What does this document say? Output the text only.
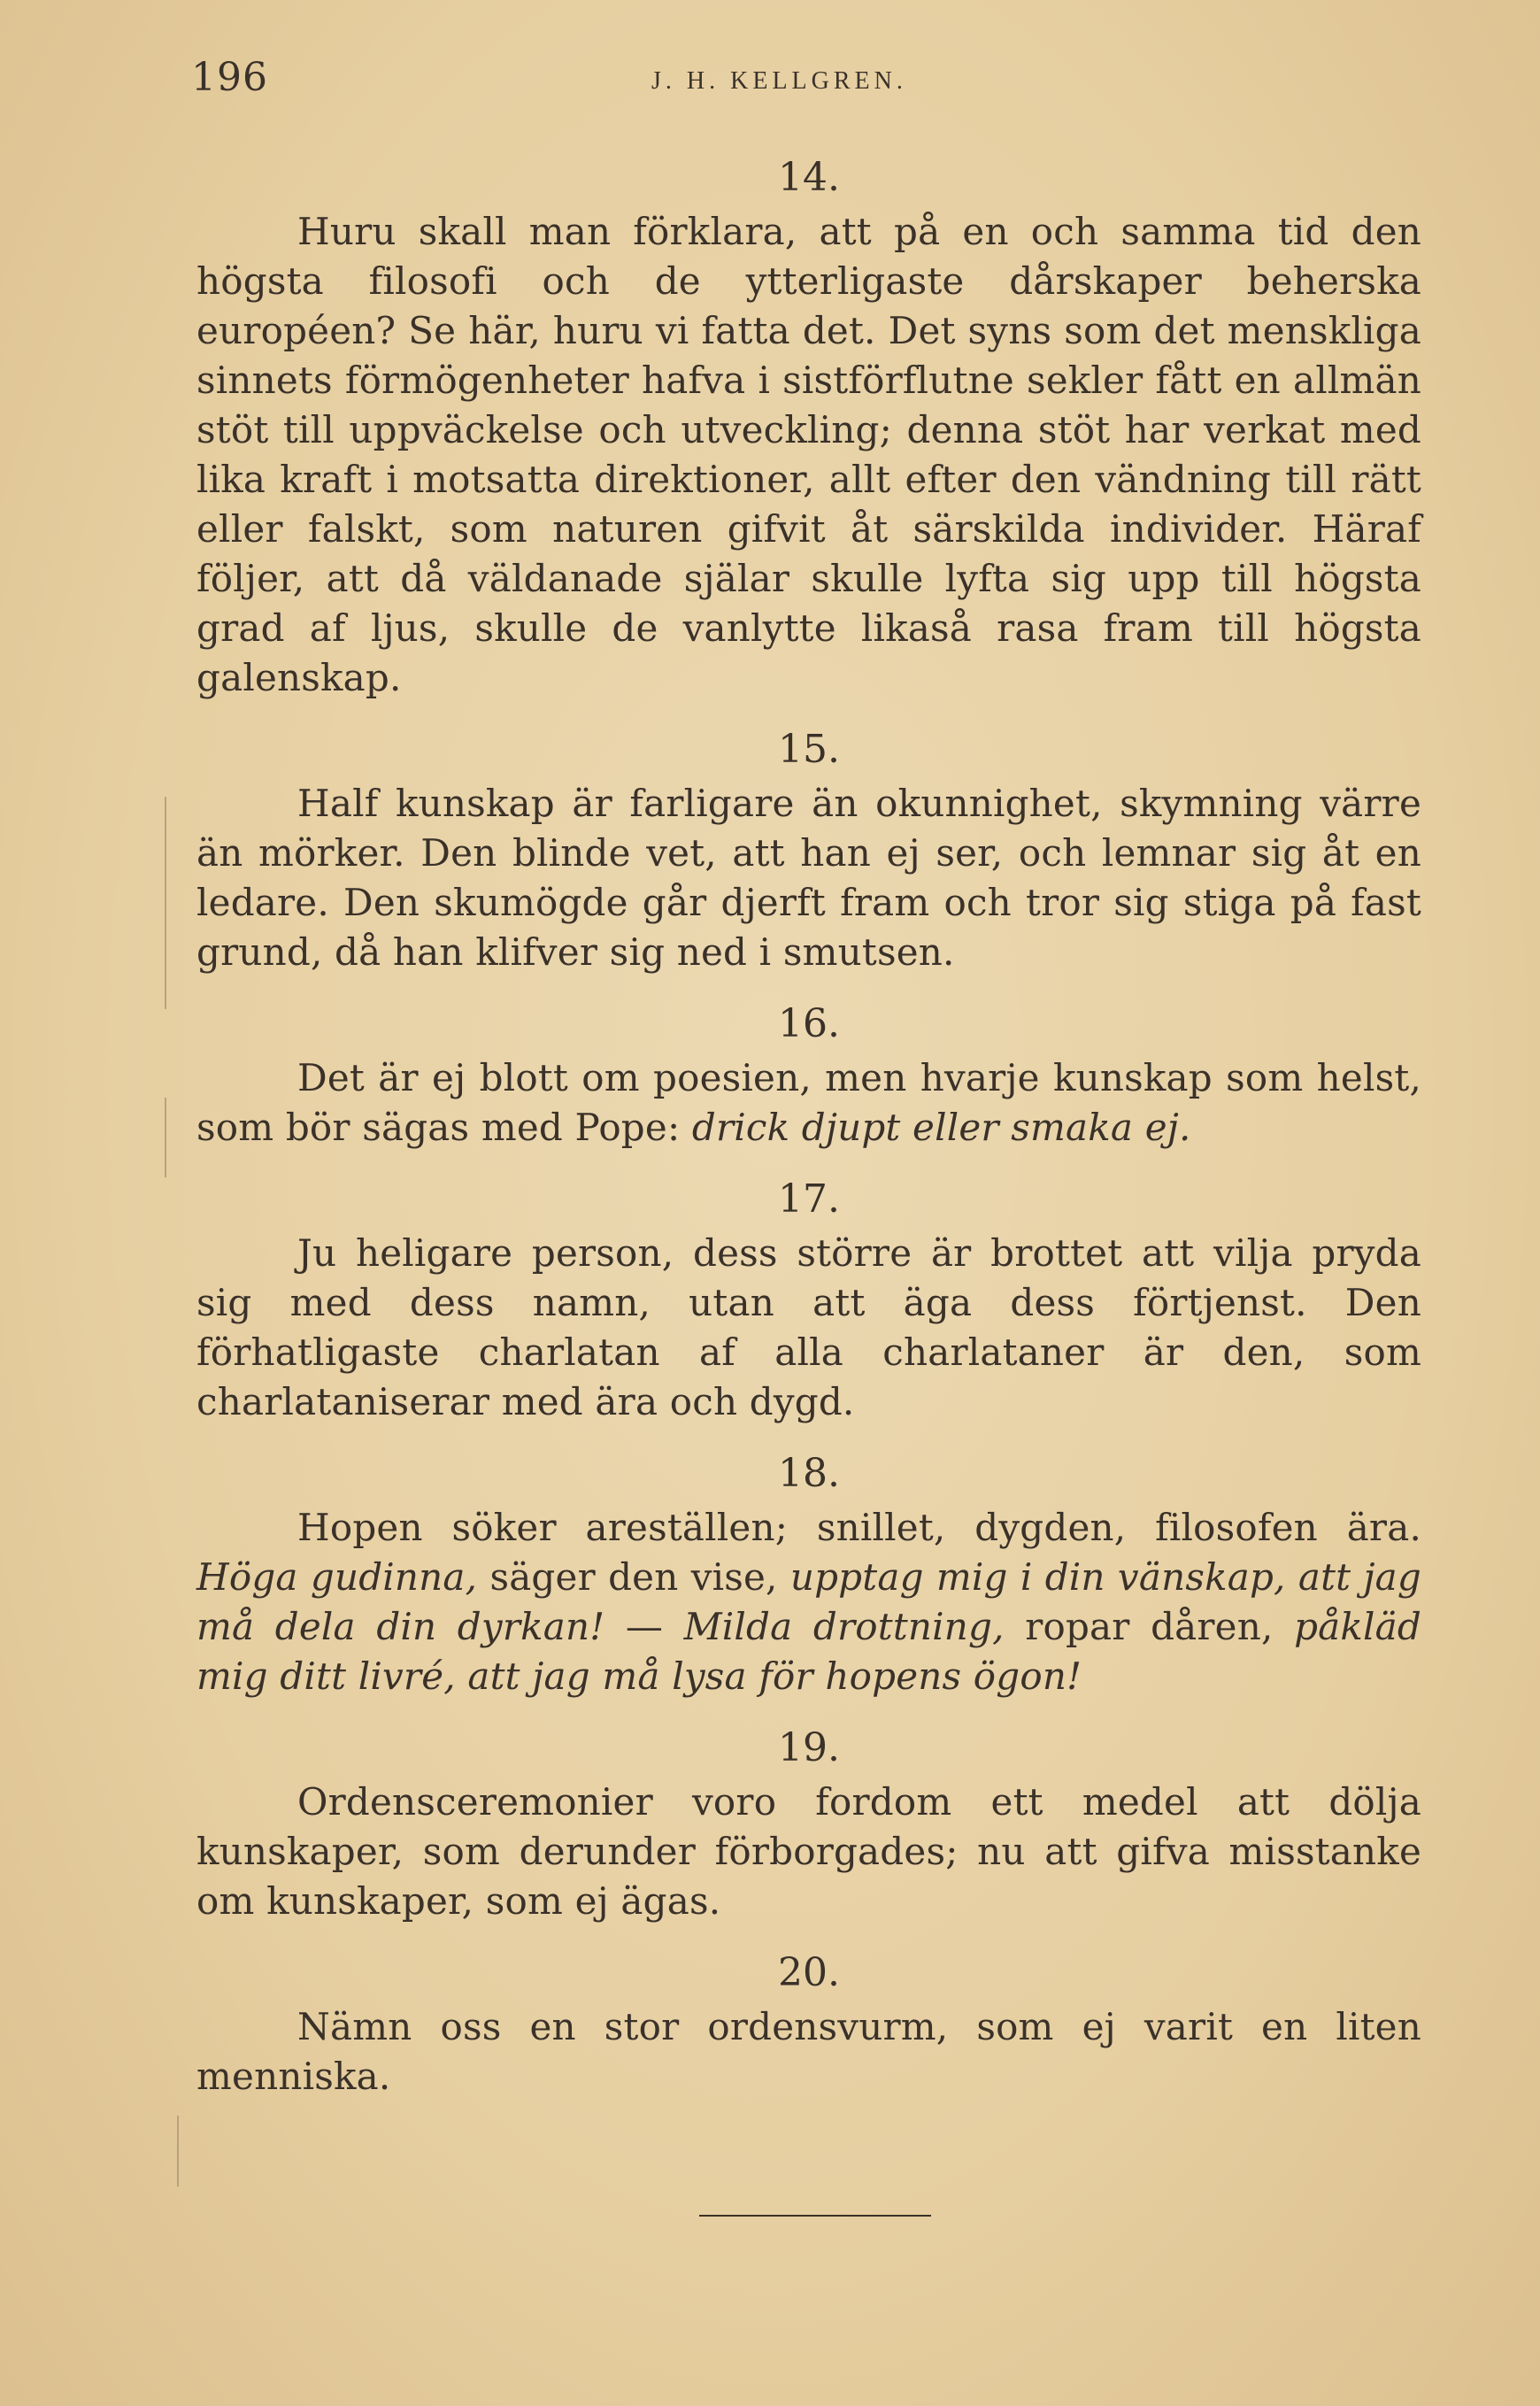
196	J. H. KELLGREN.
14.

Huru skall man förklara, att på en och samma tid den högsta filosofi och de ytterligaste dårskaper beherska européen? Se här, huru vi fatta det. Det syns som det menskliga sinnets förmögenheter hafva i sistförflutne sekler fått en allmän stöt till uppväckelse och utveckling; denna stöt har verkat med lika kraft i motsatta direktioner, allt efter den vändning till rätt eller falskt, som naturen gifvit åt särskilda individer. Häraf följer, att då väldanade själar skulle lyfta sig upp till högsta grad af ljus, skulle de vanlytte likaså rasa fram till högsta galenskap.

15.

Half kunskap är farligare än okunnighet, skymning värre än mörker. Den blinde vet, att han ej ser, och lemnar sig åt en ledare. Den skumögde går djerft fram och tror sig stiga på fast grund, då han klifver sig ned i smutsen.

16.

Det är ej blott om poesien, men hvarje kunskap som helst, som bör sägas med Pope: drick djupt eller smaka ej.

17.

Ju heligare person, dess större är brottet att vilja pryda sig med dess namn, utan att äga dess förtjenst. Den förhatligaste charlatan af alla charlataner är den, som charlataniserar med ära och dygd.

18.

Hopen söker areställen; snillet, dygden, filosofen ära. Höga gudinna, säger den vise, upptag mig i din vänskap, att jag må dela din dyrkan! — Milda drottning, ropar dåren, påkläd mig ditt livré, att jag må lysa för hopens ögon!

19.

Ordensceremonier voro fordom ett medel att dölja kunskaper, som derunder förborgades; nu att gifva misstanke om kunskaper, som ej ägas.

20.

Nämn oss en stor ordensvurm, som ej varit en liten menniska.
